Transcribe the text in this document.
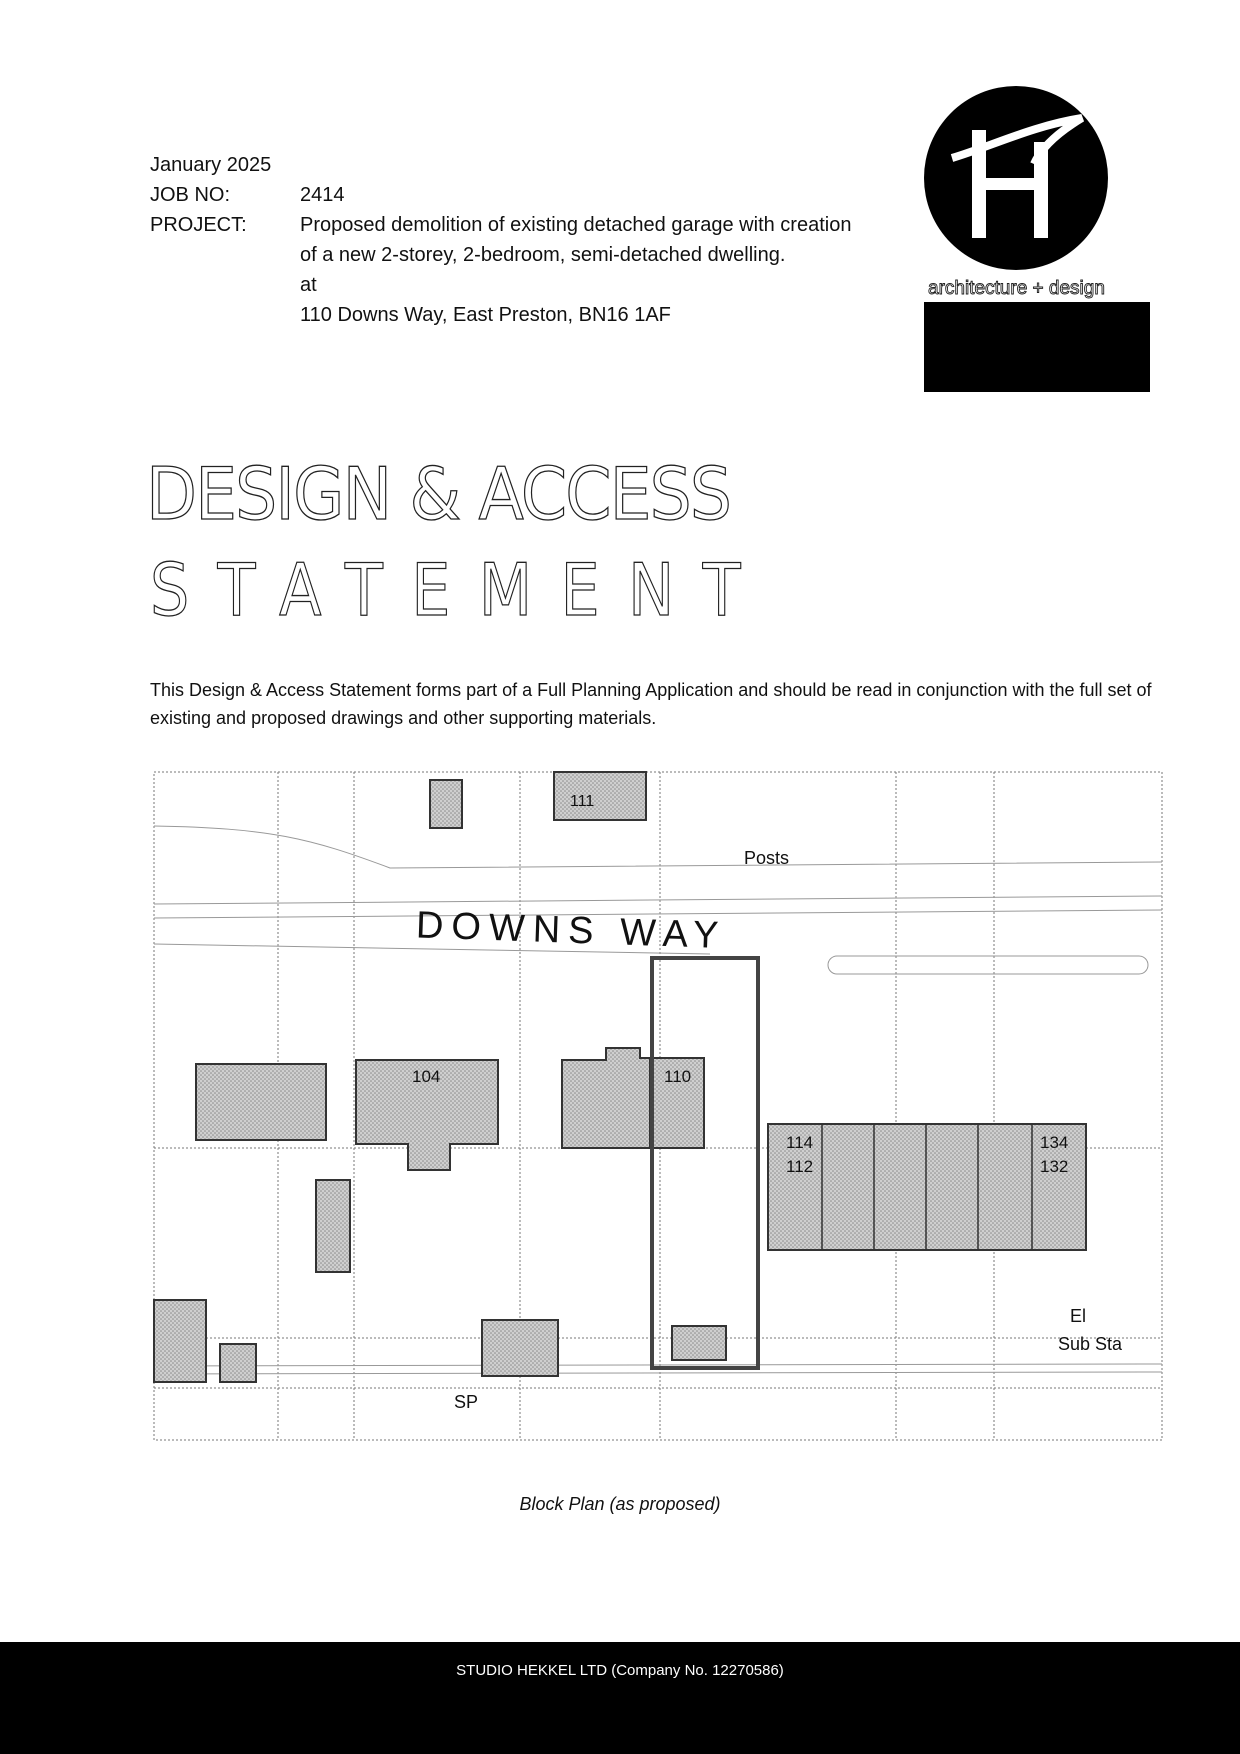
January 2025
JOB NO:	2414
PROJECT:	Proposed demolition of existing detached garage with creation
of a new 2-storey, 2-bedroom, semi-detached dwelling.
at
110 Downs Way, East Preston, BN16 1AF
architecture + design
DESIGN & ACCESS
STATEMENT
This Design & Access Statement forms part of a Full Planning Application and should be read in conjunction with the full set of existing and proposed drawings and other supporting materials.
111
Posts
DOWNS WAY
104	110
114
112
134
132
El
Sub Sta
SP
Block Plan (as proposed)
STUDIO HEKKEL LTD (Company No. 12270586)
